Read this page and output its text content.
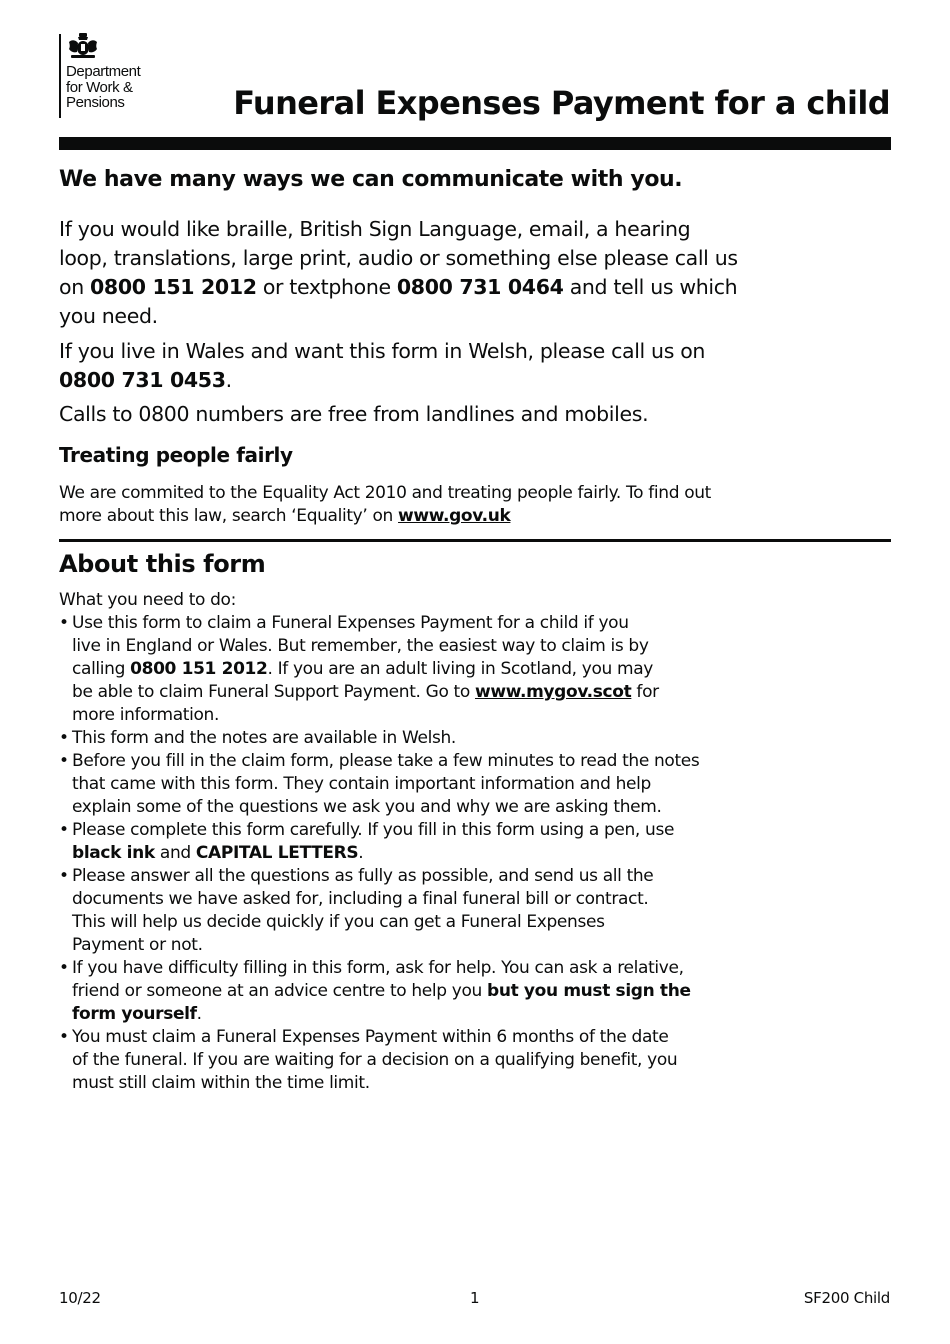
Department
for Work &
Pensions	Funeral Expenses Payment for a child
We have many ways we can communicate with you.

If you would like braille, British Sign Language, email, a hearing
loop, translations, large print, audio or something else please call us
on 0800 151 2012 or textphone 0800 731 0464 and tell us which
you need.

If you live in Wales and want this form in Welsh, please call us on
0800 731 0453.

Calls to 0800 numbers are free from landlines and mobiles.

Treating people fairly

We are commited to the Equality Act 2010 and treating people fairly. To find out
more about this law, search ‘Equality’ on www.gov.uk

About this form
What you need to do:
• Use this form to claim a Funeral Expenses Payment for a child if you
live in England or Wales. But remember, the easiest way to claim is by
calling 0800 151 2012. If you are an adult living in Scotland, you may
be able to claim Funeral Support Payment. Go to www.mygov.scot for
more information.
• This form and the notes are available in Welsh.
• Before you fill in the claim form, please take a few minutes to read the notes
that came with this form. They contain important information and help
explain some of the questions we ask you and why we are asking them.
• Please complete this form carefully. If you fill in this form using a pen, use
black ink and CAPITAL LETTERS.
• Please answer all the questions as fully as possible, and send us all the
documents we have asked for, including a final funeral bill or contract.
This will help us decide quickly if you can get a Funeral Expenses
Payment or not.
• If you have difficulty filling in this form, ask for help. You can ask a relative,
friend or someone at an advice centre to help you but you must sign the
form yourself.
• You must claim a Funeral Expenses Payment within 6 months of the date
of the funeral. If you are waiting for a decision on a qualifying benefit, you
must still claim within the time limit.
10/22	1	SF200 Child
